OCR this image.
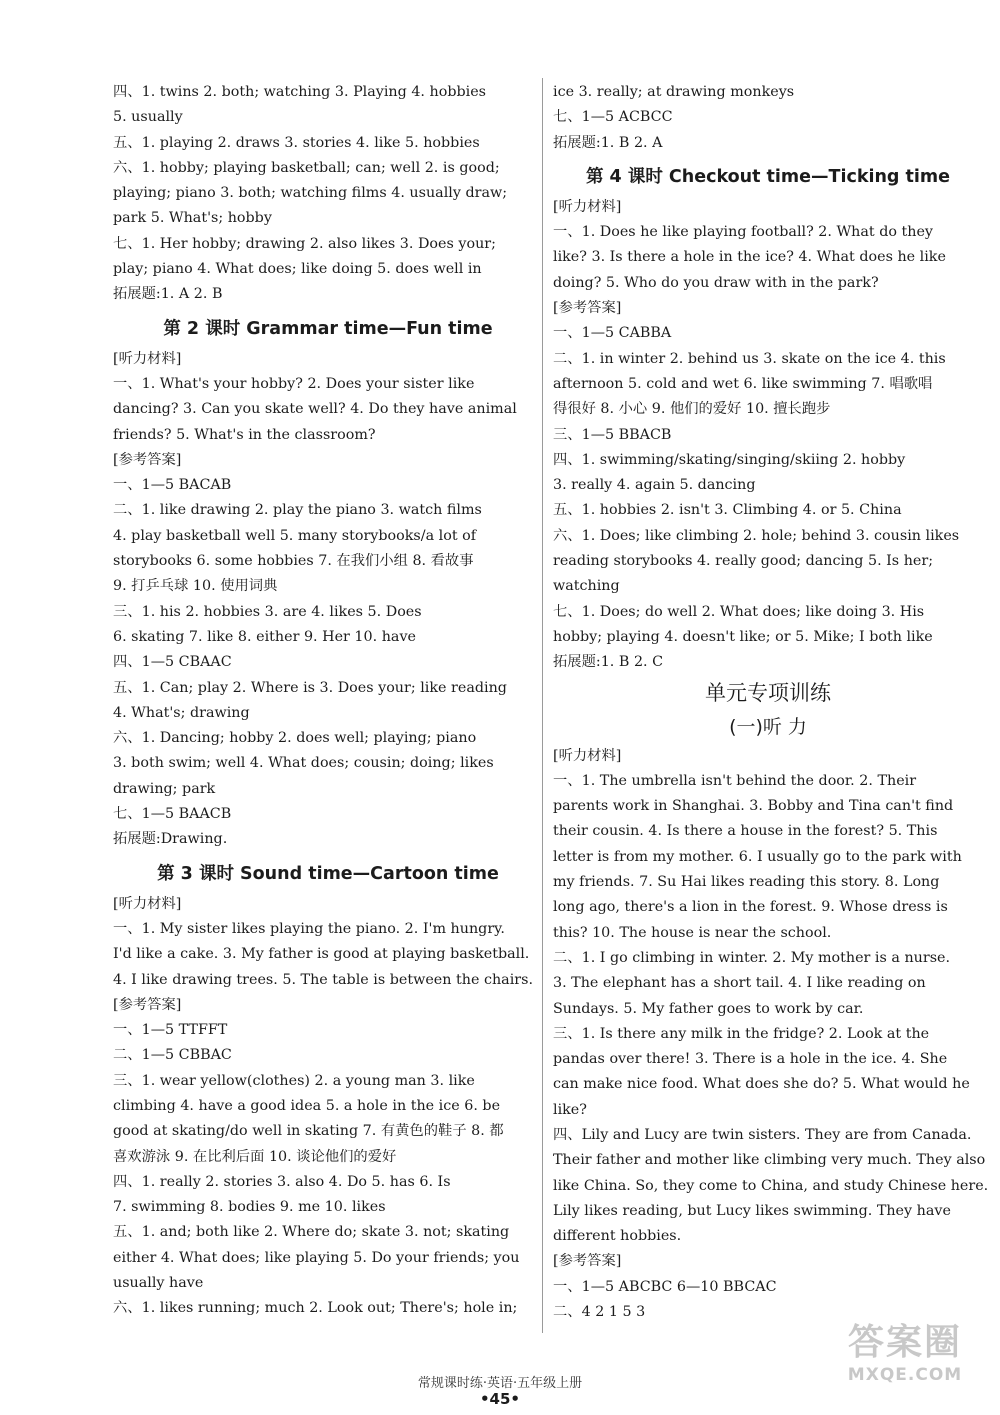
四、1. twins 2. both; watching 3. Playing 4. hobbies
5. usually
五、1. playing 2. draws 3. stories 4. like 5. hobbies
六、1. hobby; playing basketball; can; well 2. is good;
playing; piano 3. both; watching films 4. usually draw;
park 5. What's; hobby
七、1. Her hobby; drawing 2. also likes 3. Does your;
play; piano 4. What does; like doing 5. does well in
拓展题:1. A 2. B
第 2 课时 Grammar time—Fun time
[听力材料]
一、1. What's your hobby? 2. Does your sister like
dancing? 3. Can you skate well? 4. Do they have animal
friends? 5. What's in the classroom?
[参考答案]
一、1—5 BACAB
二、1. like drawing 2. play the piano 3. watch films
4. play basketball well 5. many storybooks/a lot of
storybooks 6. some hobbies 7. 在我们小组 8. 看故事
9. 打乒乓球 10. 使用词典
三、1. his 2. hobbies 3. are 4. likes 5. Does
6. skating 7. like 8. either 9. Her 10. have
四、1—5 CBAAC
五、1. Can; play 2. Where is 3. Does your; like reading
4. What's; drawing
六、1. Dancing; hobby 2. does well; playing; piano
3. both swim; well 4. What does; cousin; doing; likes
drawing; park
七、1—5 BAACB
拓展题:Drawing.
第 3 课时 Sound time—Cartoon time
[听力材料]
一、1. My sister likes playing the piano. 2. I'm hungry.
I'd like a cake. 3. My father is good at playing basketball.
4. I like drawing trees. 5. The table is between the chairs.
[参考答案]
一、1—5 TTFFT
二、1—5 CBBAC
三、1. wear yellow(clothes) 2. a young man 3. like
climbing 4. have a good idea 5. a hole in the ice 6. be
good at skating/do well in skating 7. 有黄色的鞋子 8. 都
喜欢游泳 9. 在比利后面 10. 谈论他们的爱好
四、1. really 2. stories 3. also 4. Do 5. has 6. Is
7. swimming 8. bodies 9. me 10. likes
五、1. and; both like 2. Where do; skate 3. not; skating
either 4. What does; like playing 5. Do your friends; you
usually have
六、1. likes running; much 2. Look out; There's; hole in;
ice 3. really; at drawing monkeys
七、1—5 ACBCC
拓展题:1. B 2. A
第 4 课时 Checkout time—Ticking time
[听力材料]
一、1. Does he like playing football? 2. What do they
like? 3. Is there a hole in the ice? 4. What does he like
doing? 5. Who do you draw with in the park?
[参考答案]
一、1—5 CABBA
二、1. in winter 2. behind us 3. skate on the ice 4. this
afternoon 5. cold and wet 6. like swimming 7. 唱歌唱
得很好 8. 小心 9. 他们的爱好 10. 擅长跑步
三、1—5 BBACB
四、1. swimming/skating/singing/skiing 2. hobby
3. really 4. again 5. dancing
五、1. hobbies 2. isn't 3. Climbing 4. or 5. China
六、1. Does; like climbing 2. hole; behind 3. cousin likes
reading storybooks 4. really good; dancing 5. Is her;
watching
七、1. Does; do well 2. What does; like doing 3. His
hobby; playing 4. doesn't like; or 5. Mike; I both like
拓展题:1. B 2. C
单元专项训练
(一)听 力
[听力材料]
一、1. The umbrella isn't behind the door. 2. Their
parents work in Shanghai. 3. Bobby and Tina can't find
their cousin. 4. Is there a house in the forest? 5. This
letter is from my mother. 6. I usually go to the park with
my friends. 7. Su Hai likes reading this story. 8. Long
long ago, there's a lion in the forest. 9. Whose dress is
this? 10. The house is near the school.
二、1. I go climbing in winter. 2. My mother is a nurse.
3. The elephant has a short tail. 4. I like reading on
Sundays. 5. My father goes to work by car.
三、1. Is there any milk in the fridge? 2. Look at the
pandas over there! 3. There is a hole in the ice. 4. She
can make nice food. What does she do? 5. What would he
like?
四、Lily and Lucy are twin sisters. They are from Canada.
Their father and mother like climbing very much. They also
like China. So, they come to China, and study Chinese here.
Lily likes reading, but Lucy likes swimming. They have
different hobbies.
[参考答案]
一、1—5 ABCBC 6—10 BBCAC
二、4 2 1 5 3
常规课时练·英语·五年级上册
•45•
答案圈
MXQE.COM
